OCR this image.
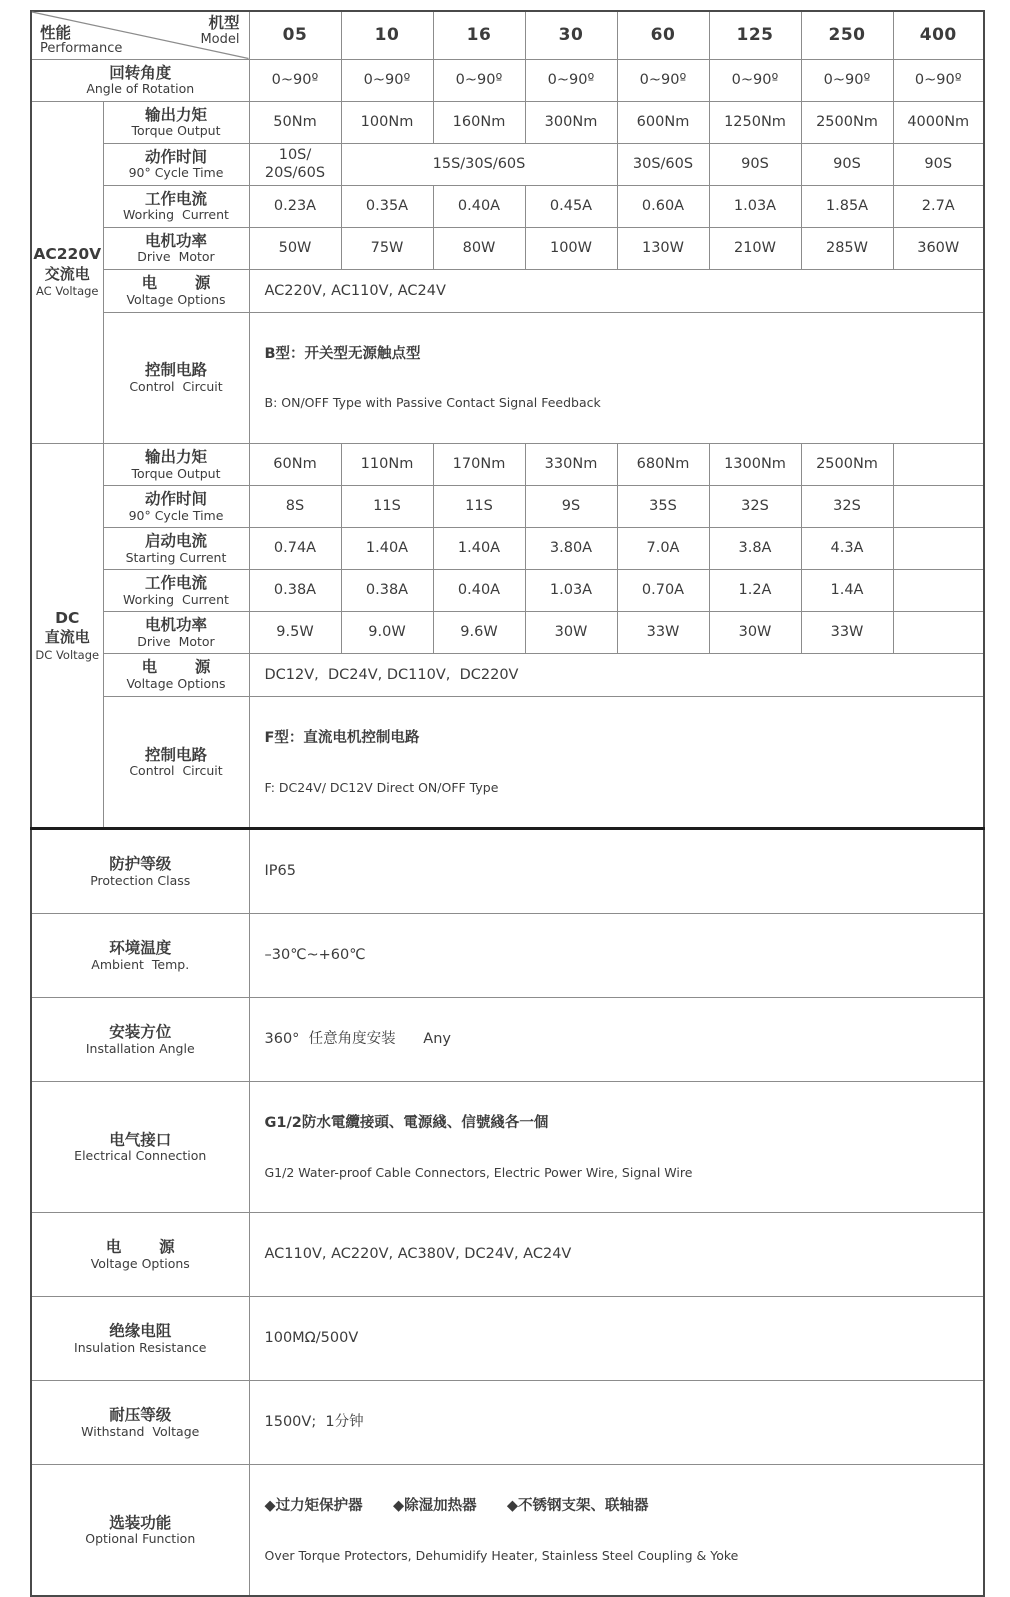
机型
Model
性能
Performance		05	10	16	30	60	125	250	400

回转角度
Angle of Rotation		0~90º	0~90º	0~90º	0~90º	0~90º	0~90º	0~90º	0~90º

AC220V
交流电
AC Voltage

输出力矩
Torque Output
	50Nm	100Nm	160Nm	300Nm	600Nm	1250Nm	2500Nm	4000Nm

动作时间
90° Cycle Time

10S/
20S/60S
	15S/30S/60S	30S/60S	90S	90S	90S

	工作电流
Working  Current	0.23A	0.35A	0.40A	0.45A	0.60A	1.03A	1.85A	2.7A

	电机功率
Drive  Motor	50W	75W	80W	100W	130W	210W	285W	360W

	电       源
Voltage Options	AC220V, AC110V, AC24V							

控制电路
Control  Circuit

B型：开关型无源触点型

B: ON/OFF Type with Passive Contact Signal Feedback

DC
直流电
DC Voltage

输出力矩
Torque Output
	60Nm	110Nm	170Nm	330Nm	680Nm	1300Nm	2500Nm	

	动作时间
90° Cycle Time	8S	11S	11S	9S	35S	32S	32S	

	启动电流
Starting Current	0.74A	1.40A	1.40A	3.80A	7.0A	3.8A	4.3A	

	工作电流
Working  Current	0.38A	0.38A	0.40A	1.03A	0.70A	1.2A	1.4A	

	电机功率
Drive  Motor	9.5W	9.0W	9.6W	30W	33W	30W	33W	

	电       源
Voltage Options	DC12V,  DC24V, DC110V,  DC220V							

控制电路
Control  Circuit

F型：直流电机控制电路

F: DC24V/ DC12V Direct ON/OFF Type

防护等级
Protection Class		IP65							

环境温度
Ambient  Temp.		–30℃~+60℃							

安装方位
Installation Angle		360°  任意角度安装      Any							

电气接口
Electrical Connection

G1/2防水電纜接頭、電源綫、信號綫各一個

G1/2 Water-proof Cable Connectors, Electric Power Wire, Signal Wire

电       源
Voltage Options		AC110V, AC220V, AC380V, DC24V, AC24V							

绝缘电阻
Insulation Resistance		100MΩ/500V							

耐压等级
Withstand  Voltage		1500V;  1分钟							

选装功能
Optional Function

◆过力矩保护器      ◆除湿加热器      ◆不锈钢支架、联轴器

Over Torque Protectors, Dehumidify Heater, Stainless Steel Coupling & Yoke
